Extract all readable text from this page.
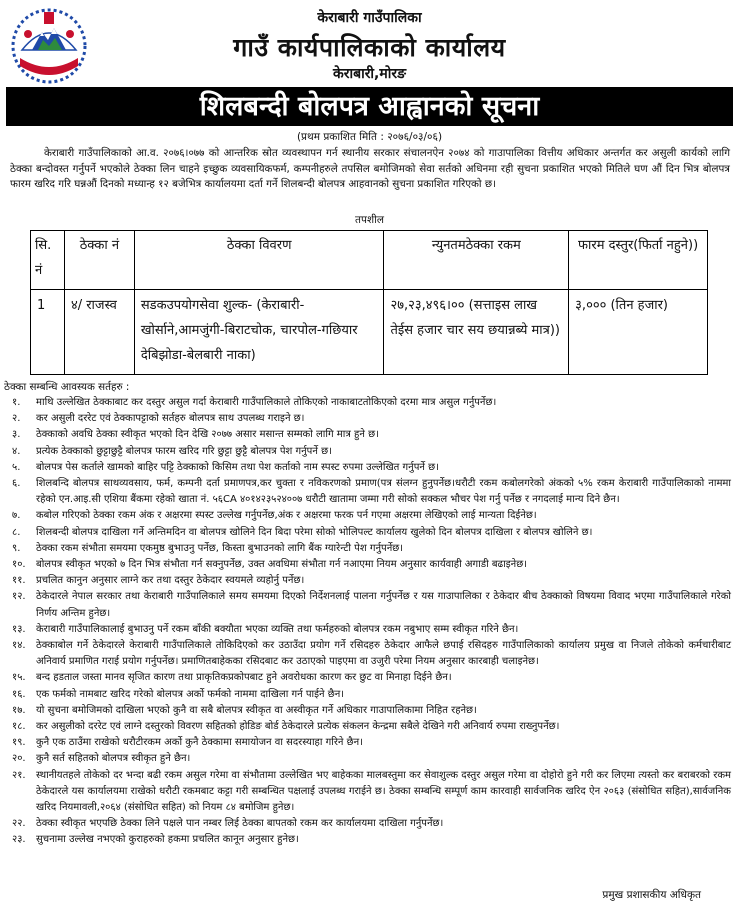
केराबारी गाउँपालिका
गाउँ कार्यपालिकाको कार्यालय
केराबारी,मोरङ
शिलबन्दी बोलपत्र आह्वानको सूचना
(प्रथम प्रकाशित मिति : २०७६/०३/०६)

केराबारी गाउँपालिकाको आ.व. २०७६।०७७ को आन्तरिक स्रोत व्यवस्थापन गर्न स्थानीय सरकार संचालनऐन २०७४ को गाउापालिका वित्तीय अधिकार अन्तर्गत कर असुली कार्यको लागि ठेक्का बन्दोवस्त गर्नुपर्ने भएकोले ठेक्का लिन चाहने इच्छुक व्यवसायिकफर्म, कम्पनीहरुले तपसिल बमोजिमको सेवा सर्तको अधिनमा रही सुचना प्रकाशित भएको मितिले घण औं दिन भित्र बोलपत्र फारम खरिद गरि घन्नऔं दिनको मध्यान्ह १२ बजेभित्र कार्यालयमा दर्ता गर्ने शिलबन्दी बोलपत्र आहवानको सुचना प्रकाशित गरिएको छ।

तपशील
सि. नं	ठेक्का नं	ठेक्का विवरण	न्युनतमठेक्का रकम	फारम दस्तुर(फिर्ता नहुने))
1	४/ राजस्व	सडकउपयोगसेवा शुल्क- (केराबारी-खोर्साने,आमजुंगी-बिराटचोक, चारपोल-गछियार देबिझोडा-बेलबारी नाका)	२७,२३,४९६।०० (सत्ताइस लाख तेईस हजार चार सय छयान्नब्ये मात्र))	३,००० (तिन हजार)
ठेक्का सम्बन्धि आवस्यक सर्तहरु :
१. माथि उल्लेखित ठेक्काबाट कर दस्तुर असुल गर्दा केराबारी गाउँपालिकाले तोकिएको नाकाबाटतोकिएको दरमा मात्र असुल गर्नुपर्नेछ।
२. कर असुली दररेट एवं ठेक्कापट्टाको सर्तहरु बोलपत्र साथ उपलब्ध गराइने छ।
३. ठेक्काको अवधि ठेक्का स्वीकृत भएको दिन देखि २०७७ असार मसान्त सम्मको लागि मात्र हुने छ।
४. प्रत्येक ठेक्काको छुट्टाछुट्टै बोलपत्र फारम खरिद गरि छुट्टा छुट्टै बोलपत्र पेश गर्नुपर्ने छ।
५. बोलपत्र पेस कर्ताले खामको बाहिर पट्टि ठेक्काको किसिम तथा पेश कर्ताको नाम स्पस्ट रुपमा उल्लेखित गर्नुपर्ने छ।
६. शिलबन्दि बोलपत्र साथव्यवसाय, फर्म, कम्पनी दर्ता प्रमाणपत्र,कर चुक्ता र नविकरणको प्रमाण(पत्र संलग्न हुनुपर्नेछ।धरौटी रकम कबोलगरेको अंकको ५% रकम केराबारी गाउँपालिकाको नाममा रहेको एन.आइ.सी एशिया बैंकमा रहेको खाता नं. ५६CA ४०१४२३५२४००७ धरौटी खातामा जम्मा गरी सोको सक्कल भौचर पेश गर्नु पर्नेछ र नगदलाई मान्य दिने छैन।
७. कबोल गरिएको ठेक्का रकम अंक र अक्षरमा स्पस्ट उल्लेख गर्नुपर्नेछ,अंक र अक्षरमा फरक पर्न गएमा अक्षरमा लेखिएको लाई मान्यता दिईनेछ।
८. शिलबन्दी बोलपत्र दाखिला गर्ने अन्तिमदिन वा बोलपत्र खोलिने दिन बिदा परेमा सोको भोलिपल्ट कार्यालय खुलेको दिन बोलपत्र दाखिला र बोलपत्र खोलिने छ।
९. ठेक्का रकम संभौता समयमा एकमुष्ठ बुभाउनु पर्नेछ, किस्ता बुभाउनको लागि बैंक ग्यारेन्टी पेश गर्नुपर्नेछ।
१०. बोलपत्र स्वीकृत भएको ७ दिन भित्र संभौता गर्न सक्नुपर्नेछ, उक्त अवधिमा संभौता गर्न नआएमा नियम अनुसार कार्यवाही अगाडी बढाइनेछ।
११. प्रचलित कानुन अनुसार लाग्ने कर तथा दस्तुर ठेकेदार स्वयमले व्यहोर्नु पर्नेछ।
१२. ठेकेदारले नेपाल सरकार तथा केराबारी गाउँपालिकाले समय समयमा दिएको निर्देशनलाई पालना गर्नुपर्नेछ र यस गाउापालिका र ठेकेदार बीच ठेक्काको विषयमा विवाद भएमा गाउँपालिकाले गरेको निर्णय अन्तिम हुनेछ।
१३. केराबारी गाउँपालिकालाई बुभाउनु पर्ने रकम बाँकी बक्यौता भएका व्यक्ति तथा फर्महरुको बोलपत्र रकम नबुभाए सम्म स्वीकृत गरिने छैन।
१४. ठेक्काबोल गर्ने ठेकेदारले केराबारी गाउँपालिकाले तोकिदिएको कर उठाउँदा प्रयोग गर्ने रसिदहरु ठेकेदार आफैले छपाई रसिदहरु गाउँपालिकाको कार्यालय प्रमुख वा निजले तोकेको कर्मचारीबाट अनिवार्य प्रमाणित गराई प्रयोग गर्नुपर्नेछ। प्रमाणितबाहेकका रसिदबाट कर उठाएको पाइएमा वा उजुरी परेमा नियम अनुसार कारबाही चलाइनेछ।
१५. बन्द हडताल जस्ता मानव सृजित कारण तथा प्राकृतिकप्रकोपबाट हुने अवरोधका कारण कर छुट वा मिनाहा दिईने छैन।
१६. एक फर्मको नामबाट खरिद गरेको बोलपत्र अर्को फर्मको नाममा दाखिला गर्न पाईने छैन।
१७. यो सुचना बमोजिमको दाखिला भएको कुनै वा सबै बोलपत्र स्वीकृत वा अस्वीकृत गर्ने अधिकार गाउापालिकामा निहित रहनेछ।
१८. कर असुलीको दररेट एवं लाग्ने दस्तुरको विवरण सहितको होडिङ बोर्ड ठेकेदारले प्रत्येक संकलन केन्द्रमा सबैले देखिने गरी अनिवार्य रुपमा राख्नुपर्नेछ।
१९. कुनै एक ठाउँमा राखेको धरौटीरकम अर्को कुनै ठेक्कामा समायोजन वा सदरस्याहा गरिने छैन।
२०. कुनै सर्त सहितको बोलपत्र स्वीकृत हुने छैन।
२१. स्थानीयतहले तोकेको दर भन्दा बढी रकम असुल गरेमा वा संभौतामा उल्लेखित भए बाहेकका मालबस्तुमा कर सेवाशुल्क दस्तुर असुल गरेमा वा दोहोरो हुने गरी कर लिएमा त्यस्तो कर बराबरको रकम ठेकेदारले यस कार्यालयमा राखेको धरौटी रकमबाट कट्टा गरी सम्बन्धित पक्षलाई उपलब्ध गराईने छ। ठेक्का सम्बन्धि सम्पूर्ण काम कारवाही सार्वजनिक खरिद ऐन २०६३ (संसोधित सहित),सार्वजनिक खरिद नियमावली,२०६४ (संसोधित सहित) को नियम ८४ बमोजिम हुनेछ।
२२. ठेक्का स्वीकृत भएपछि ठेक्का लिने पक्षले पान नम्बर लिई ठेक्का बापतको रकम कर कार्यालयमा दाखिला गर्नुपर्नेछ।
२३. सुचनामा उल्लेख नभएको कुराहरुको हकमा प्रचलित कानून अनुसार हुनेछ।
प्रमुख प्रशासकीय अधिकृत
